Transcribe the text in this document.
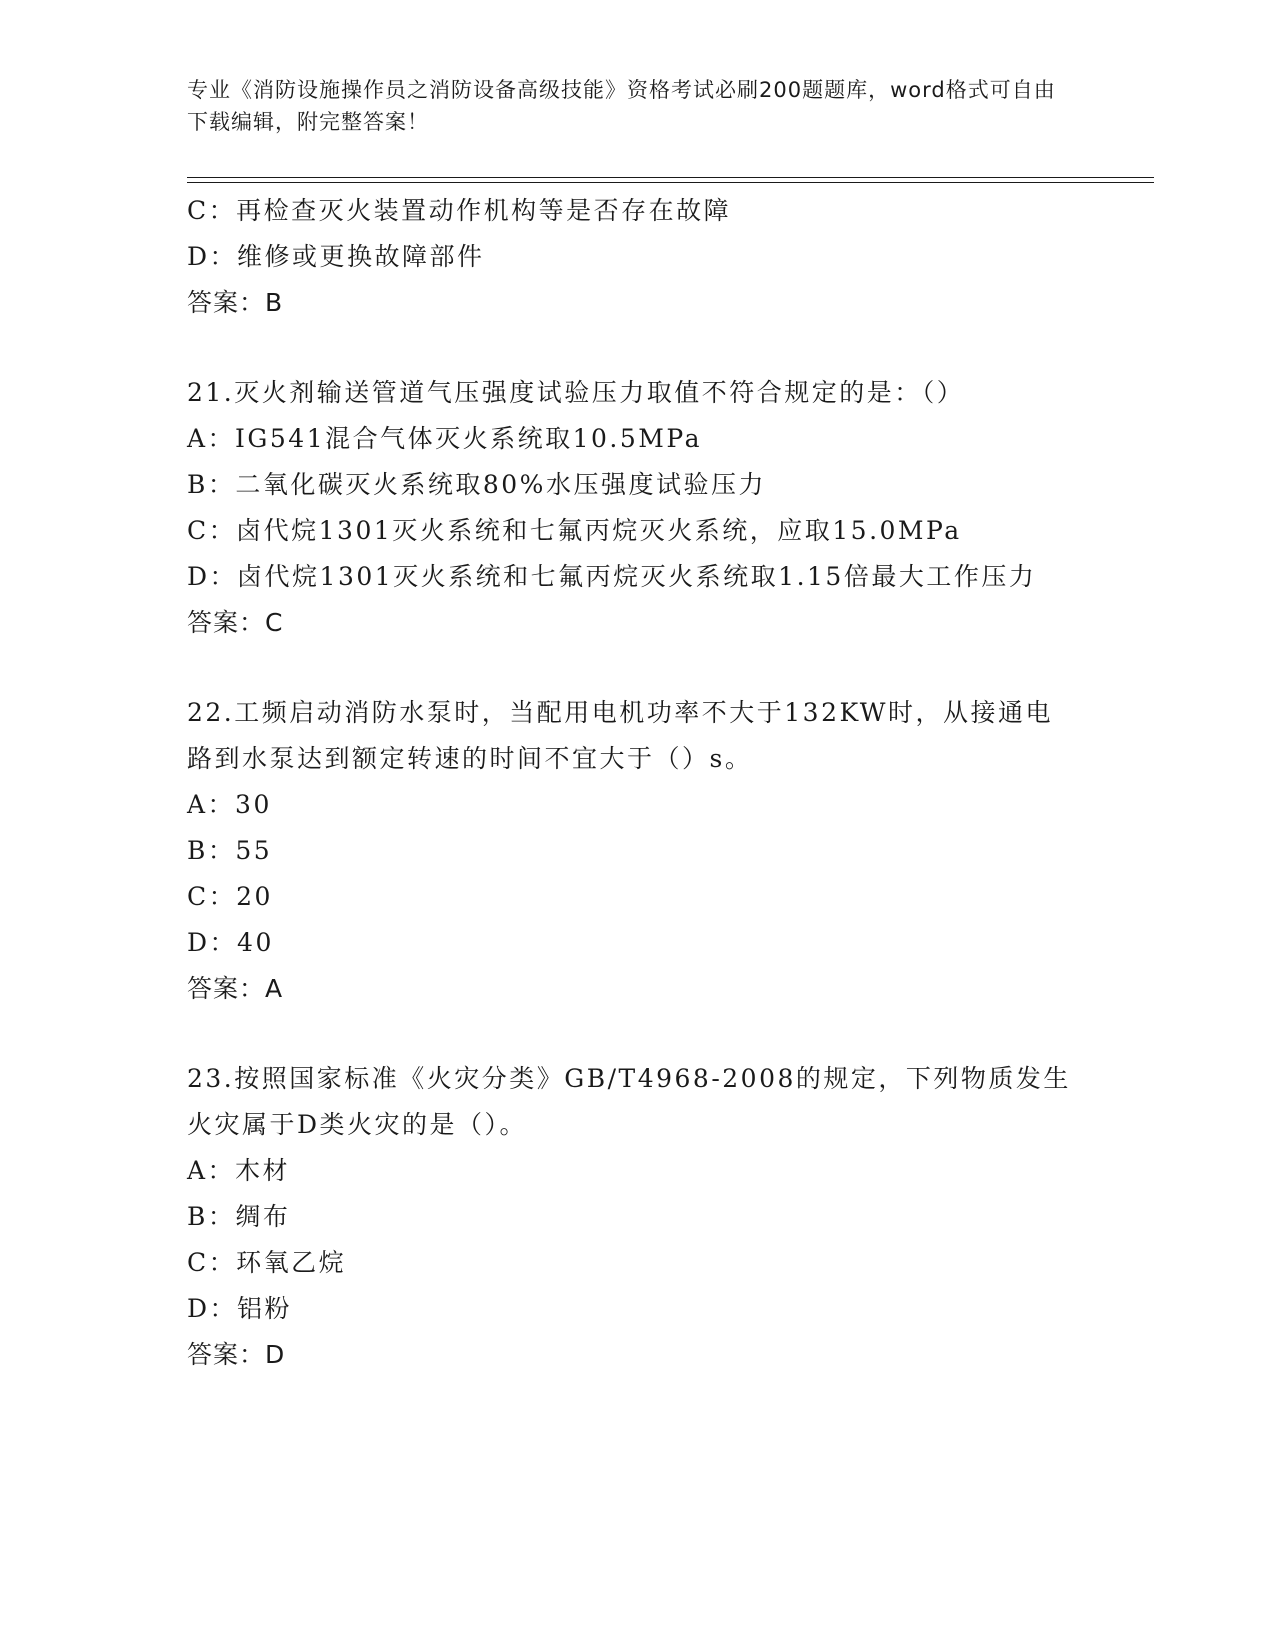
专业《消防设施操作员之消防设备高级技能》资格考试必刷200题题库，word格式可自由下载编辑，附完整答案！
C：再检查灭火装置动作机构等是否存在故障
D：维修或更换故障部件
答案：B
21.灭火剂输送管道气压强度试验压力取值不符合规定的是：（）
A：IG541混合气体灭火系统取10.5MPa
B：二氧化碳灭火系统取80%水压强度试验压力
C：卤代烷1301灭火系统和七氟丙烷灭火系统，应取15.0MPa
D：卤代烷1301灭火系统和七氟丙烷灭火系统取1.15倍最大工作压力
答案：C
22.工频启动消防水泵时，当配用电机功率不大于132KW时，从接通电
路到水泵达到额定转速的时间不宜大于（）s。
A：30
B：55
C：20
D：40
答案：A
23.按照国家标准《火灾分类》GB/T4968-2008的规定，下列物质发生
火灾属于D类火灾的是（）。
A：木材
B：绸布
C：环氧乙烷
D：铝粉
答案：D
